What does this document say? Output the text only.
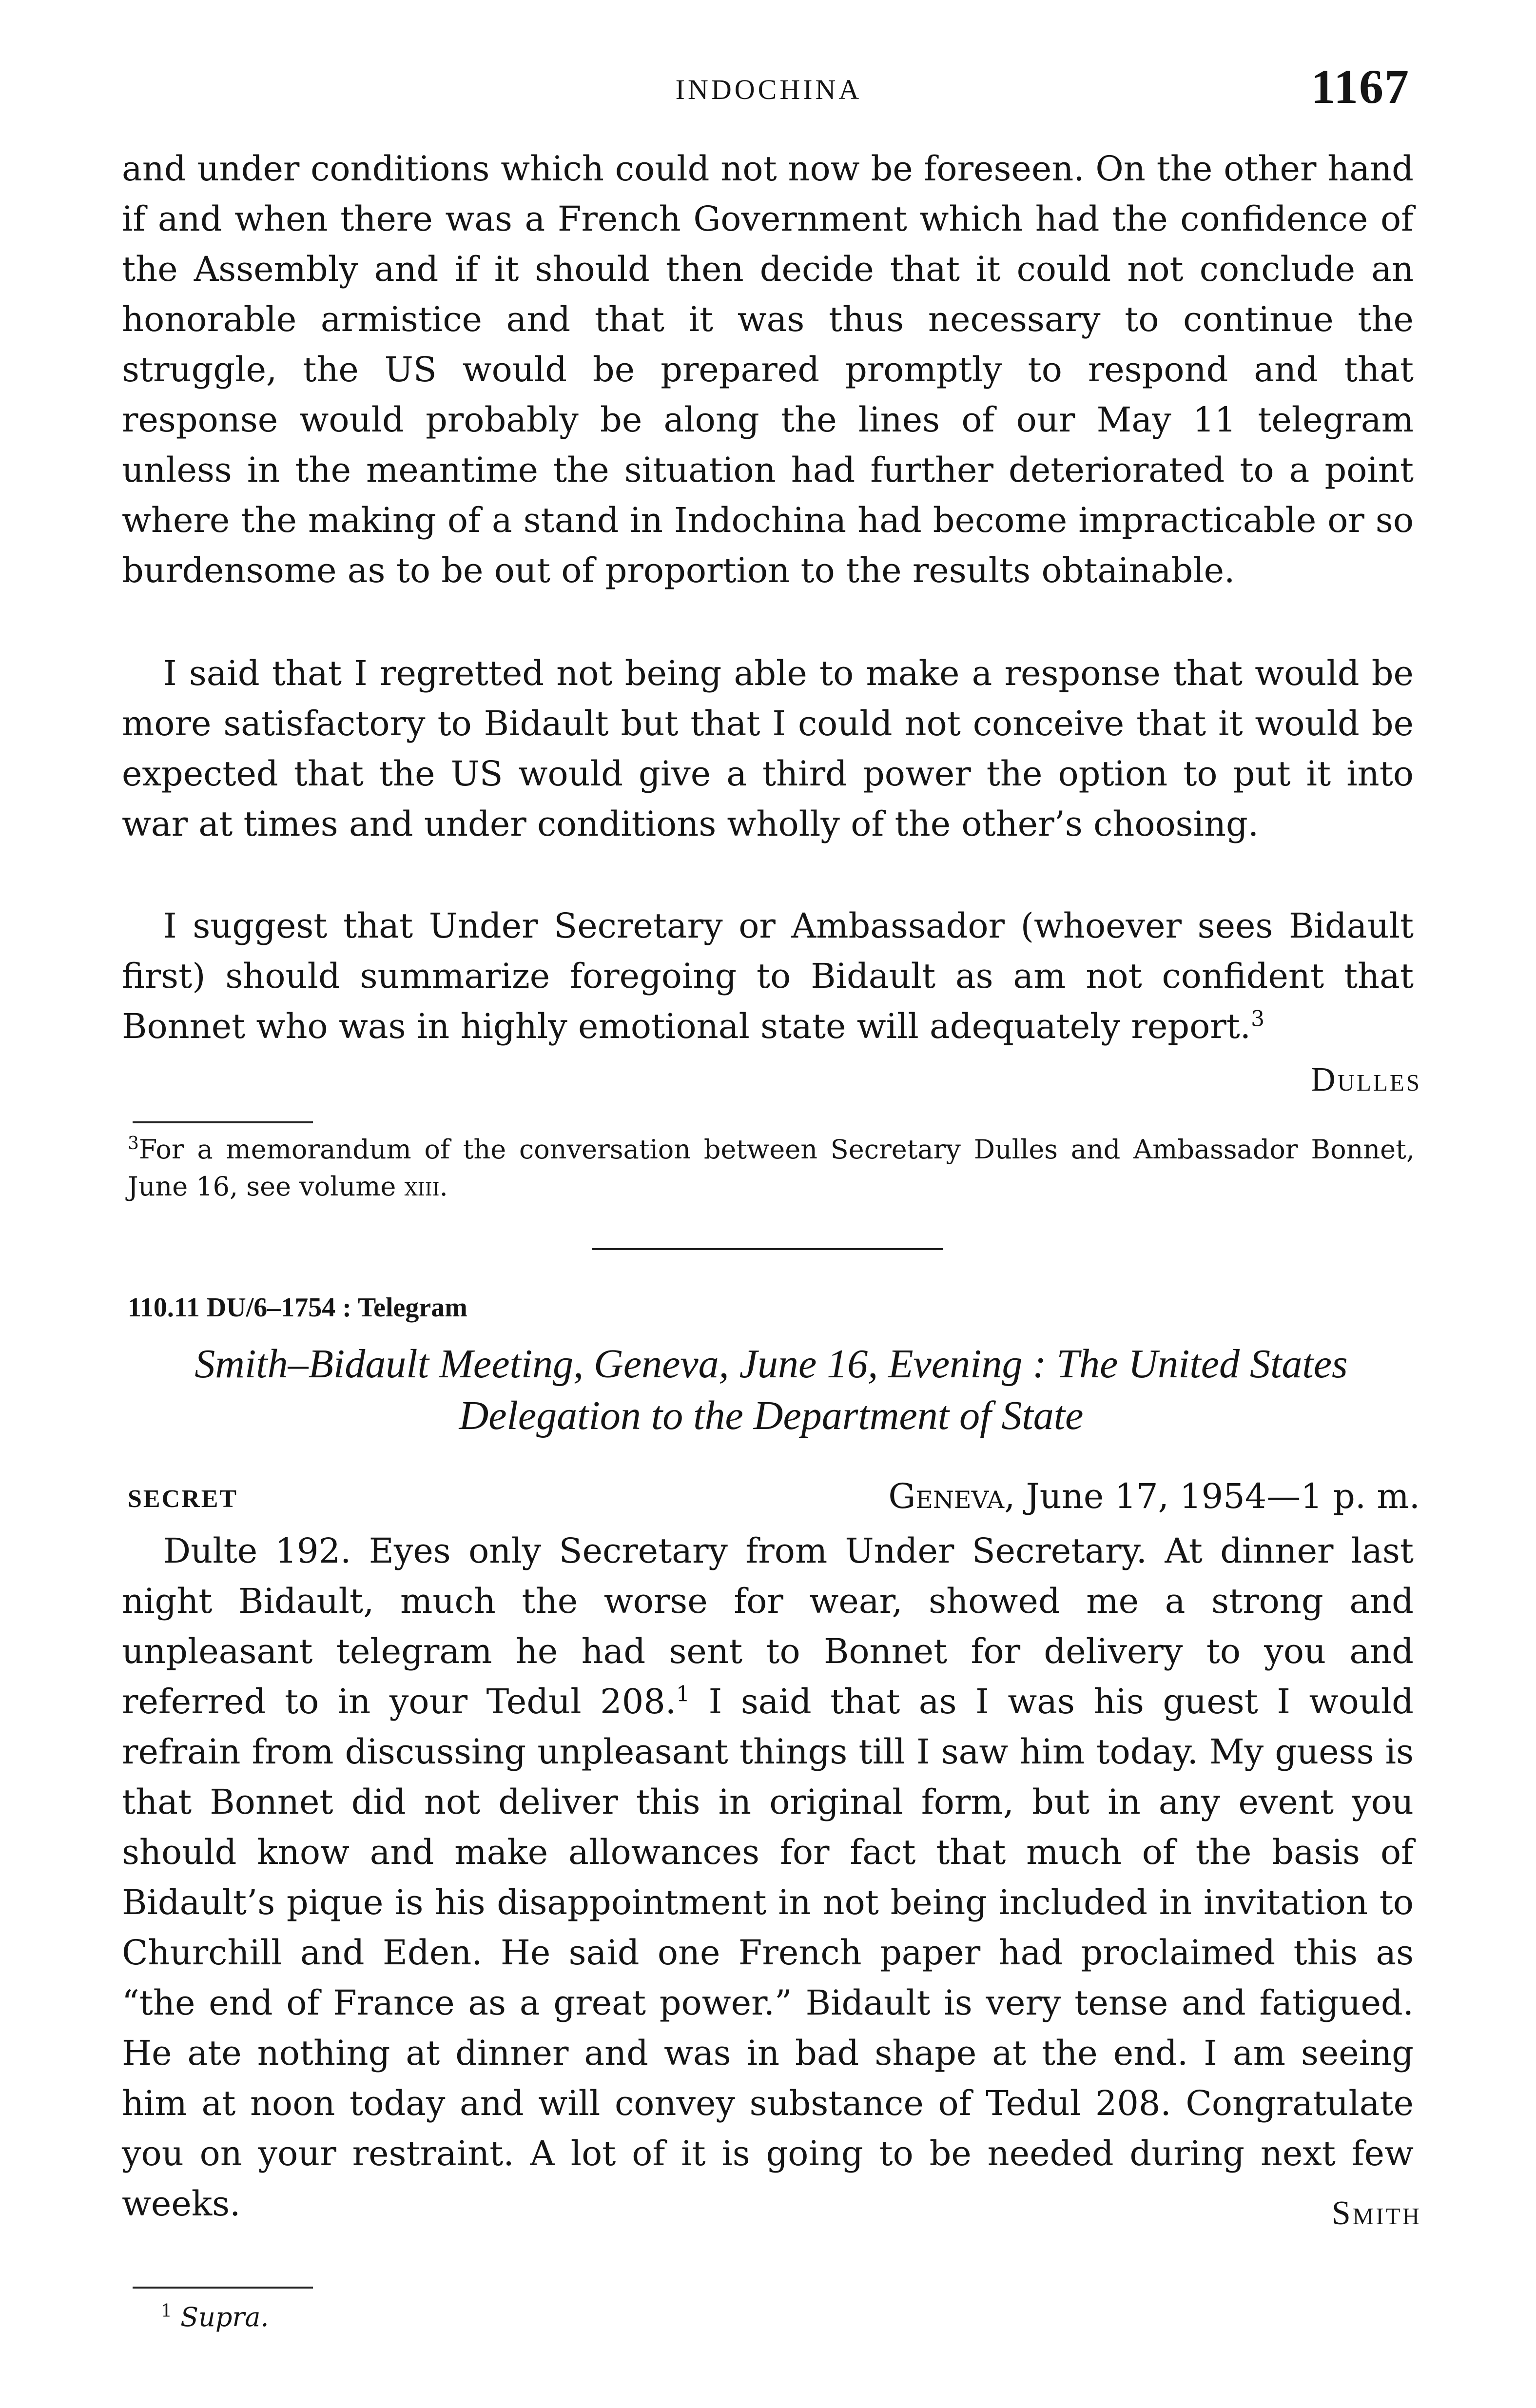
INDOCHINA	1167

and under conditions which could not now be foreseen. On the other hand if and when there was a French Government which had the confidence of the Assembly and if it should then decide that it could not conclude an honorable armistice and that it was thus necessary to continue the struggle, the US would be prepared promptly to respond and that response would probably be along the lines of our May 11 telegram unless in the meantime the situation had further deteriorated to a point where the making of a stand in Indochina had become impracticable or so burdensome as to be out of proportion to the results obtainable.

I said that I regretted not being able to make a response that would be more satisfactory to Bidault but that I could not conceive that it would be expected that the US would give a third power the option to put it into war at times and under conditions wholly of the other’s choosing.

I suggest that Under Secretary or Ambassador (whoever sees Bidault first) should summarize foregoing to Bidault as am not confident that Bonnet who was in highly emotional state will adequately report.$^3$

Dulles

$^3$For a memorandum of the conversation between Secretary Dulles and Ambassador Bonnet, June 16, see volume xiii.

110.11 DU/6–1754 : Telegram
Smith–Bidault Meeting, Geneva, June 16, Evening : The United States Delegation to the Department of State
SECRET	Geneva, June 17, 1954—1 p. m.

Dulte 192. Eyes only Secretary from Under Secretary. At dinner last night Bidault, much the worse for wear, showed me a strong and unpleasant telegram he had sent to Bonnet for delivery to you and referred to in your Tedul 208.$^1$ I said that as I was his guest I would refrain from discussing unpleasant things till I saw him today. My guess is that Bonnet did not deliver this in original form, but in any event you should know and make allowances for fact that much of the basis of Bidault’s pique is his disappointment in not being included in invitation to Churchill and Eden. He said one French paper had proclaimed this as “the end of France as a great power.” Bidault is very tense and fatigued. He ate nothing at dinner and was in bad shape at the end. I am seeing him at noon today and will convey substance of Tedul 208. Congratulate you on your restraint. A lot of it is going to be needed during next few weeks.	Smith

$^1$ Supra.
